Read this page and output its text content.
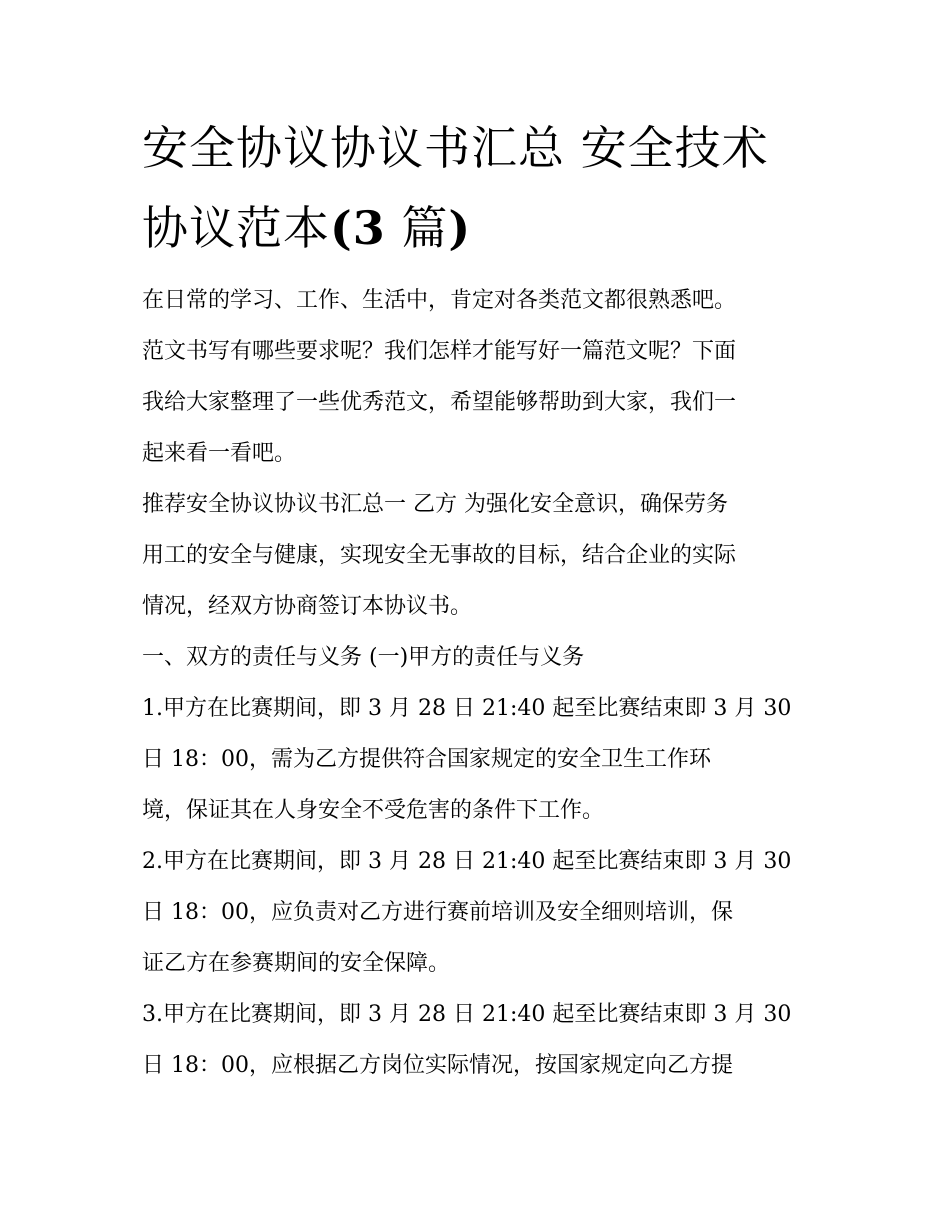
安全协议协议书汇总 安全技术
协议范本(3 篇)

在日常的学习、工作、生活中，肯定对各类范文都很熟悉吧。
范文书写有哪些要求呢？我们怎样才能写好一篇范文呢？下面
我给大家整理了一些优秀范文，希望能够帮助到大家，我们一
起来看一看吧。

推荐安全协议协议书汇总一 乙方 为强化安全意识，确保劳务
用工的安全与健康，实现安全无事故的目标，结合企业的实际
情况，经双方协商签订本协议书。

一、双方的责任与义务 (一)甲方的责任与义务

1.甲方在比赛期间，即 3 月 28 日 21:40 起至比赛结束即 3 月 30
日 18：00，需为乙方提供符合国家规定的安全卫生工作环
境，保证其在人身安全不受危害的条件下工作。

2.甲方在比赛期间，即 3 月 28 日 21:40 起至比赛结束即 3 月 30
日 18：00，应负责对乙方进行赛前培训及安全细则培训，保
证乙方在参赛期间的安全保障。

3.甲方在比赛期间，即 3 月 28 日 21:40 起至比赛结束即 3 月 30
日 18：00，应根据乙方岗位实际情况，按国家规定向乙方提
